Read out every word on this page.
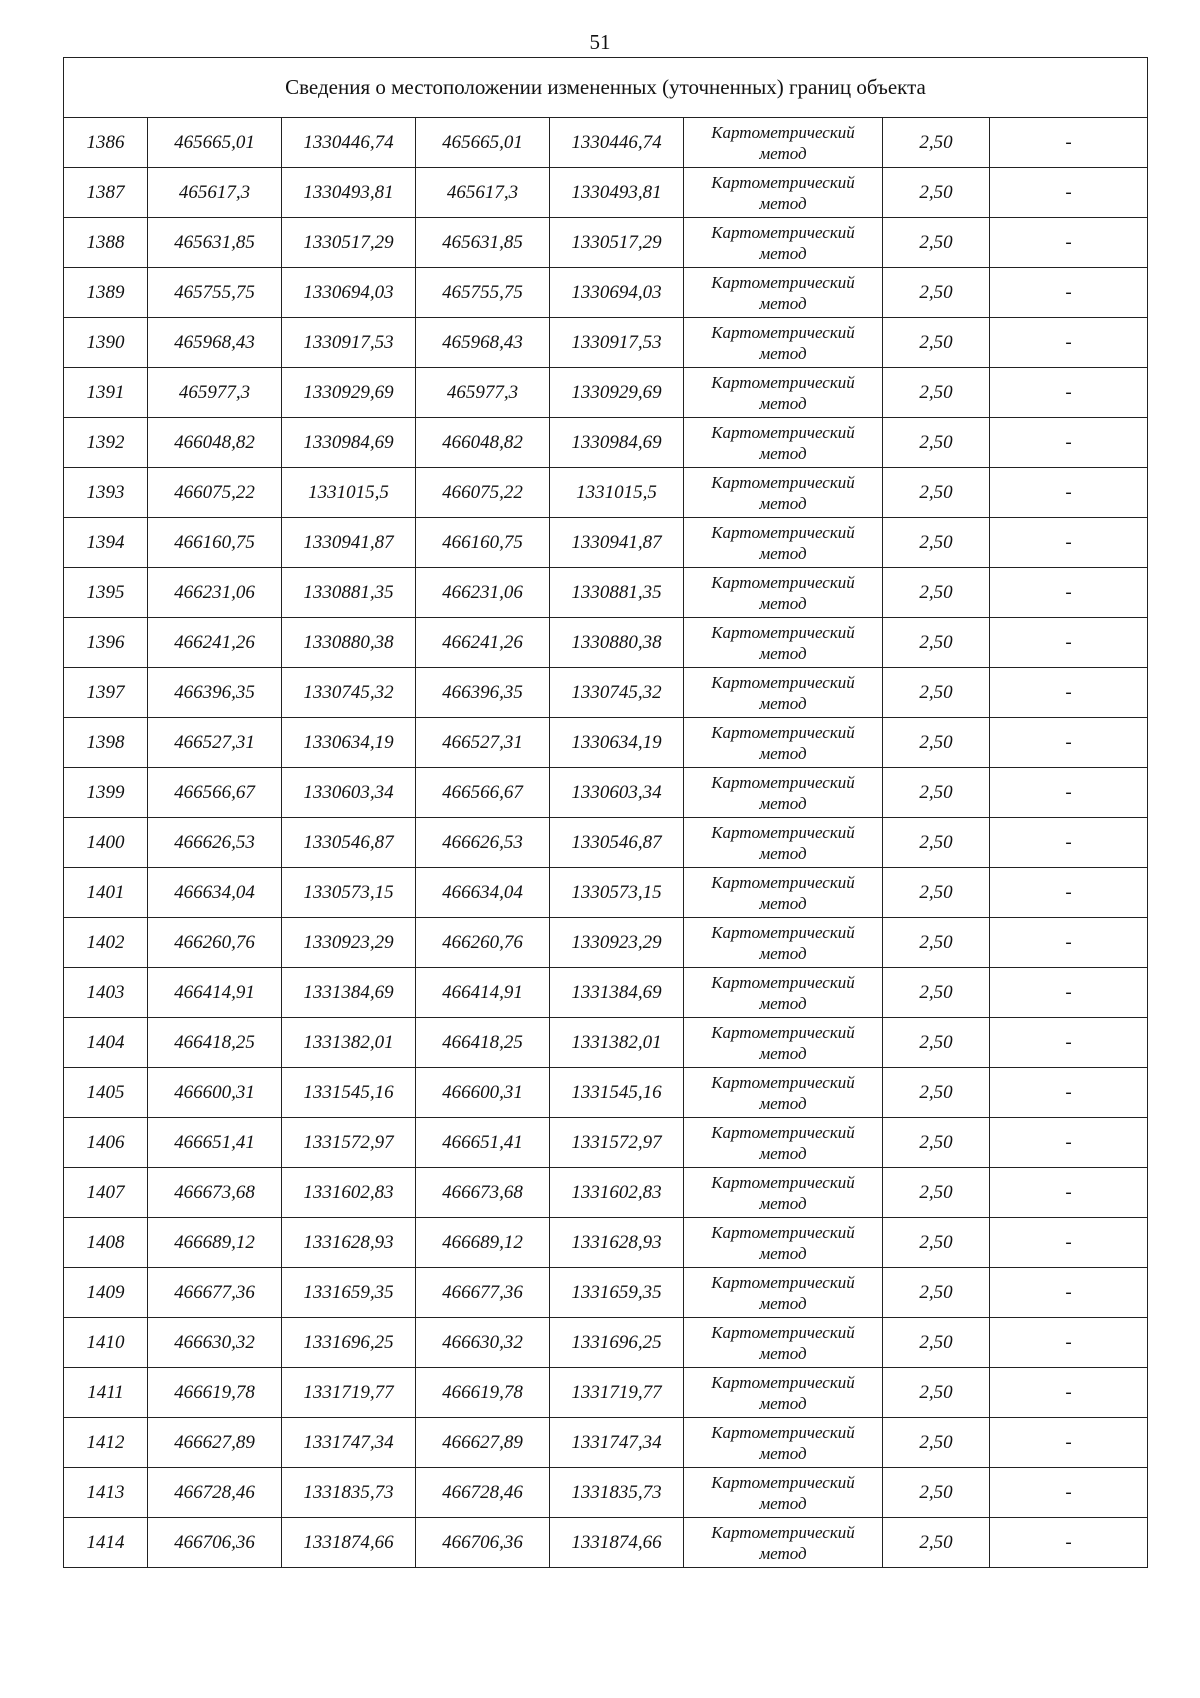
51
Сведения о местоположении измененных (уточненных) границ объекта							
1386	465665,01	1330446,74	465665,01	1330446,74	Картометрический
метод	2,50	-
1387	465617,3	1330493,81	465617,3	1330493,81	Картометрический
метод	2,50	-
1388	465631,85	1330517,29	465631,85	1330517,29	Картометрический
метод	2,50	-
1389	465755,75	1330694,03	465755,75	1330694,03	Картометрический
метод	2,50	-
1390	465968,43	1330917,53	465968,43	1330917,53	Картометрический
метод	2,50	-
1391	465977,3	1330929,69	465977,3	1330929,69	Картометрический
метод	2,50	-
1392	466048,82	1330984,69	466048,82	1330984,69	Картометрический
метод	2,50	-
1393	466075,22	1331015,5	466075,22	1331015,5	Картометрический
метод	2,50	-
1394	466160,75	1330941,87	466160,75	1330941,87	Картометрический
метод	2,50	-
1395	466231,06	1330881,35	466231,06	1330881,35	Картометрический
метод	2,50	-
1396	466241,26	1330880,38	466241,26	1330880,38	Картометрический
метод	2,50	-
1397	466396,35	1330745,32	466396,35	1330745,32	Картометрический
метод	2,50	-
1398	466527,31	1330634,19	466527,31	1330634,19	Картометрический
метод	2,50	-
1399	466566,67	1330603,34	466566,67	1330603,34	Картометрический
метод	2,50	-
1400	466626,53	1330546,87	466626,53	1330546,87	Картометрический
метод	2,50	-
1401	466634,04	1330573,15	466634,04	1330573,15	Картометрический
метод	2,50	-
1402	466260,76	1330923,29	466260,76	1330923,29	Картометрический
метод	2,50	-
1403	466414,91	1331384,69	466414,91	1331384,69	Картометрический
метод	2,50	-
1404	466418,25	1331382,01	466418,25	1331382,01	Картометрический
метод	2,50	-
1405	466600,31	1331545,16	466600,31	1331545,16	Картометрический
метод	2,50	-
1406	466651,41	1331572,97	466651,41	1331572,97	Картометрический
метод	2,50	-
1407	466673,68	1331602,83	466673,68	1331602,83	Картометрический
метод	2,50	-
1408	466689,12	1331628,93	466689,12	1331628,93	Картометрический
метод	2,50	-
1409	466677,36	1331659,35	466677,36	1331659,35	Картометрический
метод	2,50	-
1410	466630,32	1331696,25	466630,32	1331696,25	Картометрический
метод	2,50	-
1411	466619,78	1331719,77	466619,78	1331719,77	Картометрический
метод	2,50	-
1412	466627,89	1331747,34	466627,89	1331747,34	Картометрический
метод	2,50	-
1413	466728,46	1331835,73	466728,46	1331835,73	Картометрический
метод	2,50	-
1414	466706,36	1331874,66	466706,36	1331874,66	Картометрический
метод	2,50	-
